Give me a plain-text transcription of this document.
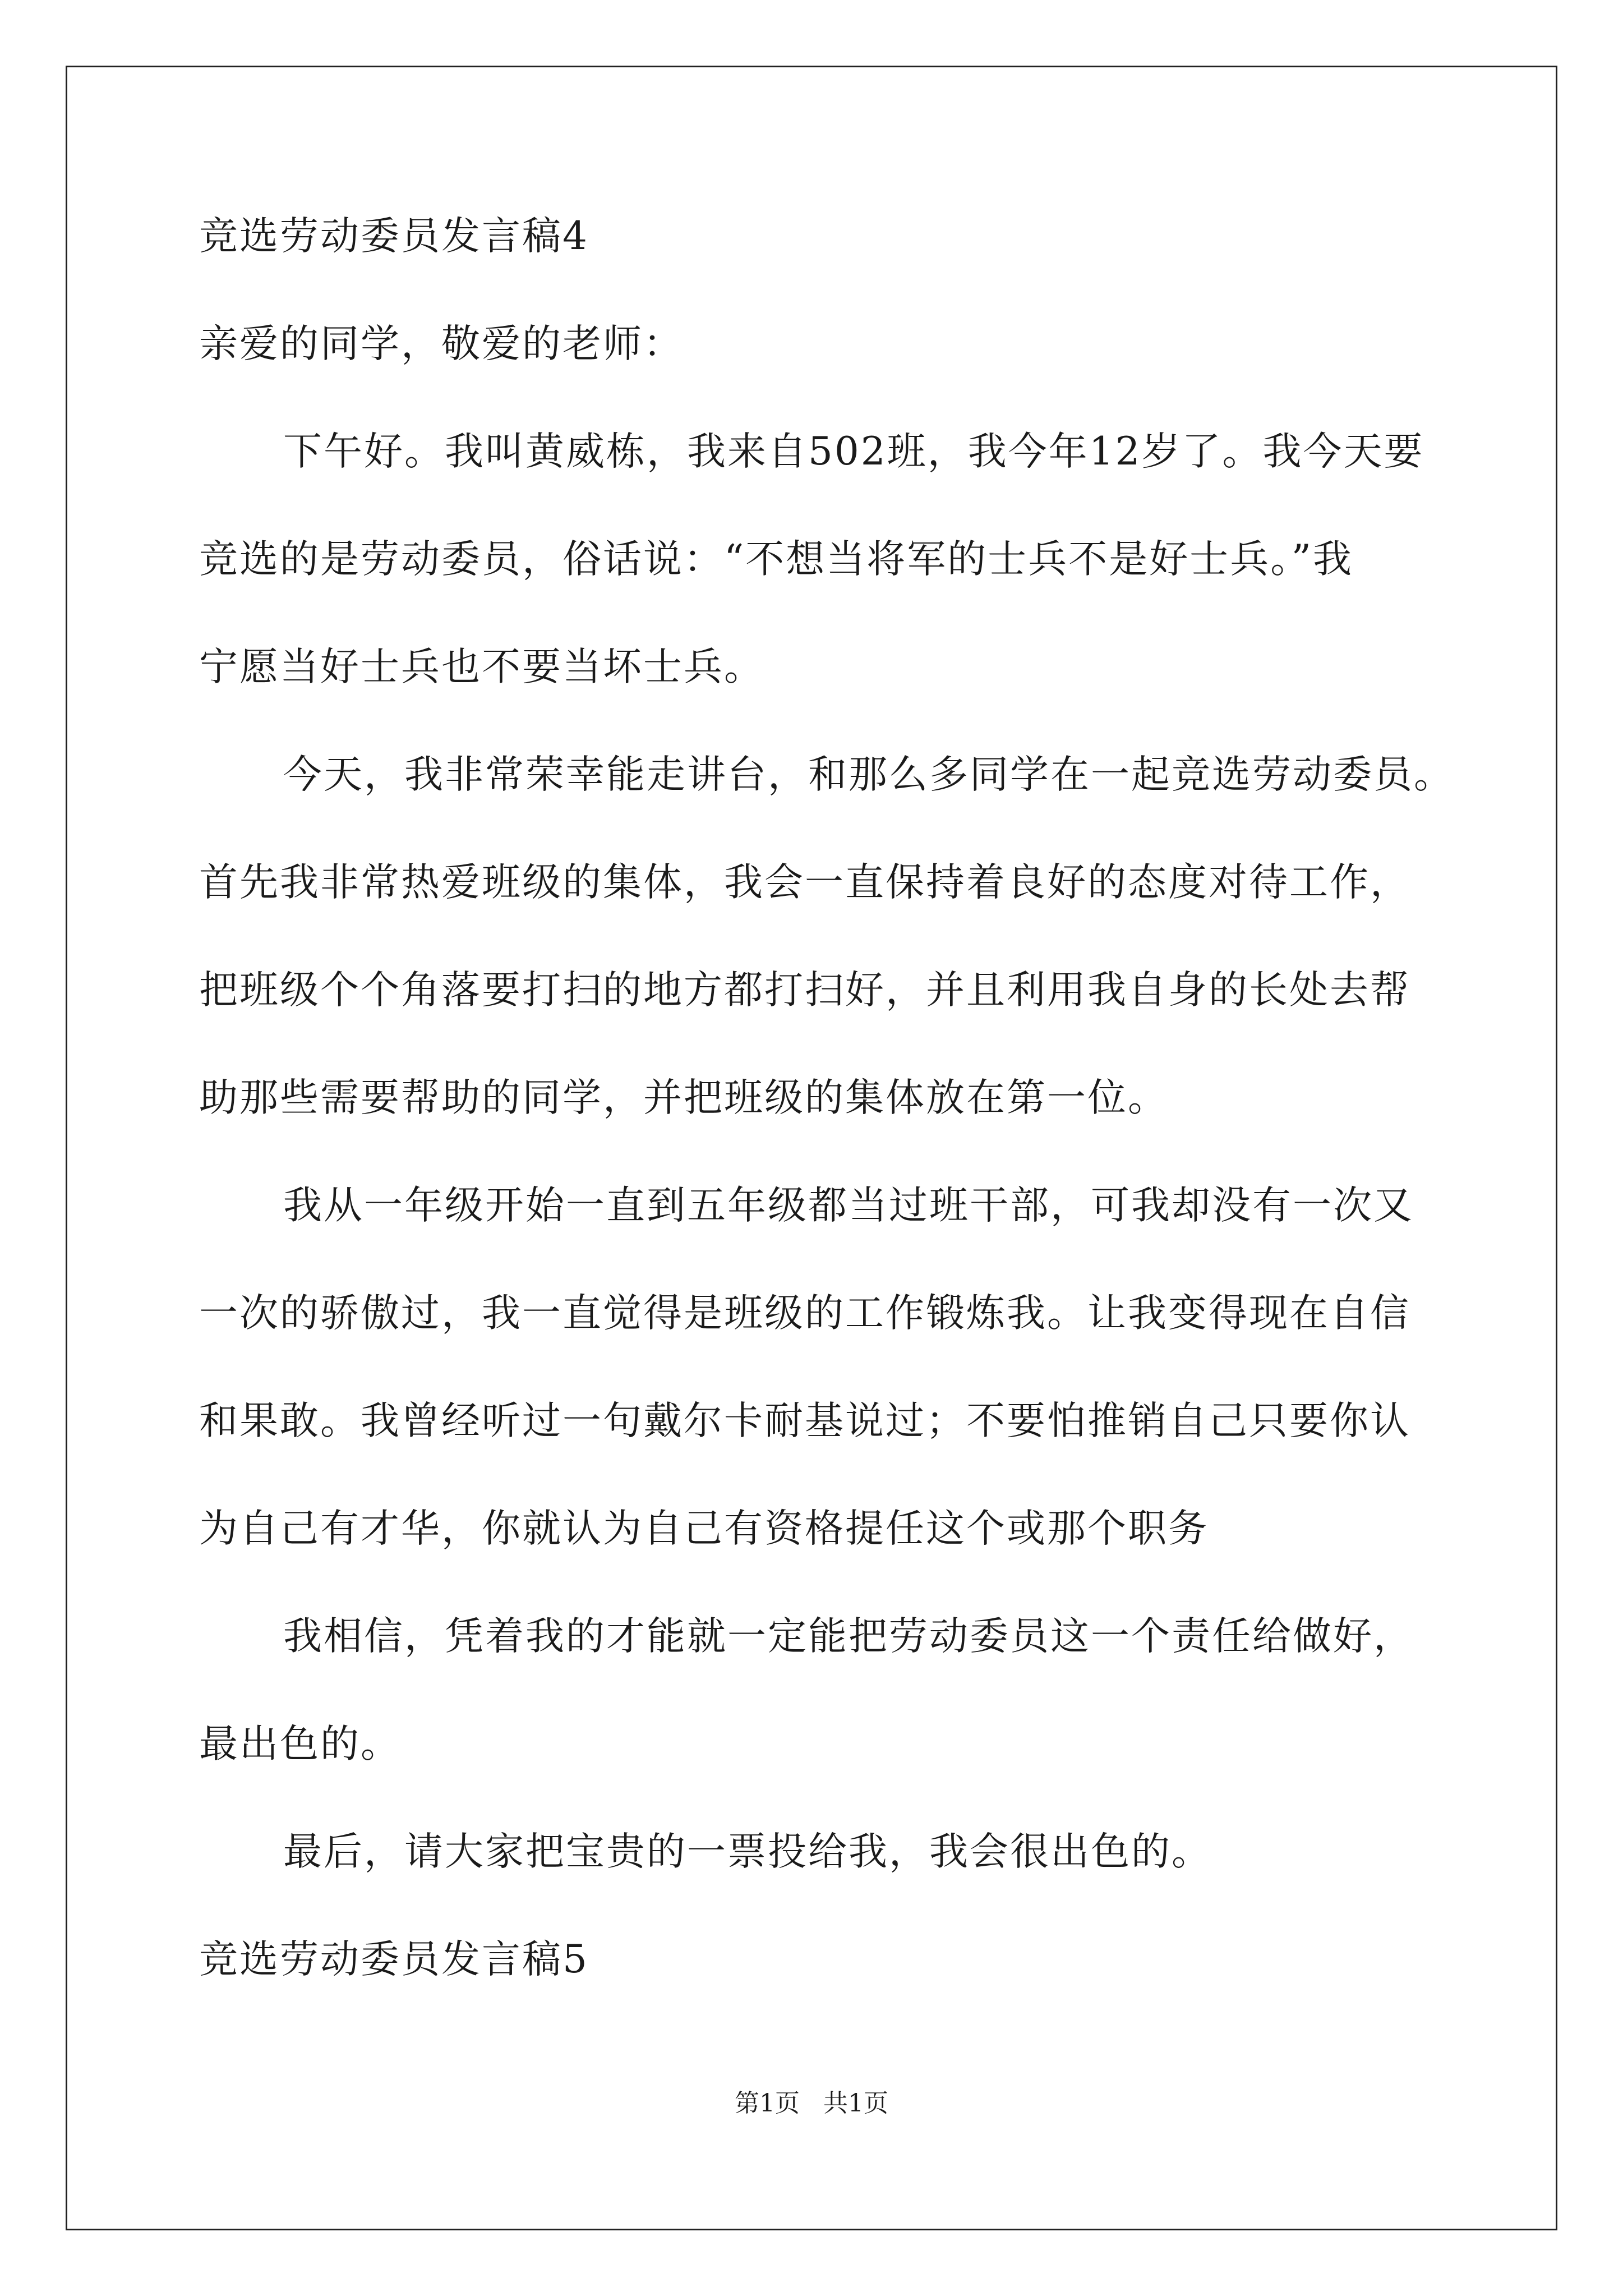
竞选劳动委员发言稿4
亲爱的同学，敬爱的老师：
下午好。我叫黄威栋，我来自502班，我今年12岁了。我今天要
竞选的是劳动委员，俗话说：“不想当将军的士兵不是好士兵。”我
宁愿当好士兵也不要当坏士兵。
今天，我非常荣幸能走讲台，和那么多同学在一起竞选劳动委员。
首先我非常热爱班级的集体，我会一直保持着良好的态度对待工作，
把班级个个角落要打扫的地方都打扫好，并且利用我自身的长处去帮
助那些需要帮助的同学，并把班级的集体放在第一位。
我从一年级开始一直到五年级都当过班干部，可我却没有一次又
一次的骄傲过，我一直觉得是班级的工作锻炼我。让我变得现在自信
和果敢。我曾经听过一句戴尔卡耐基说过；不要怕推销自己只要你认
为自己有才华，你就认为自己有资格提任这个或那个职务
我相信，凭着我的才能就一定能把劳动委员这一个责任给做好，
最出色的。
最后，请大家把宝贵的一票投给我，我会很出色的。
竞选劳动委员发言稿5
第1页   共1页
